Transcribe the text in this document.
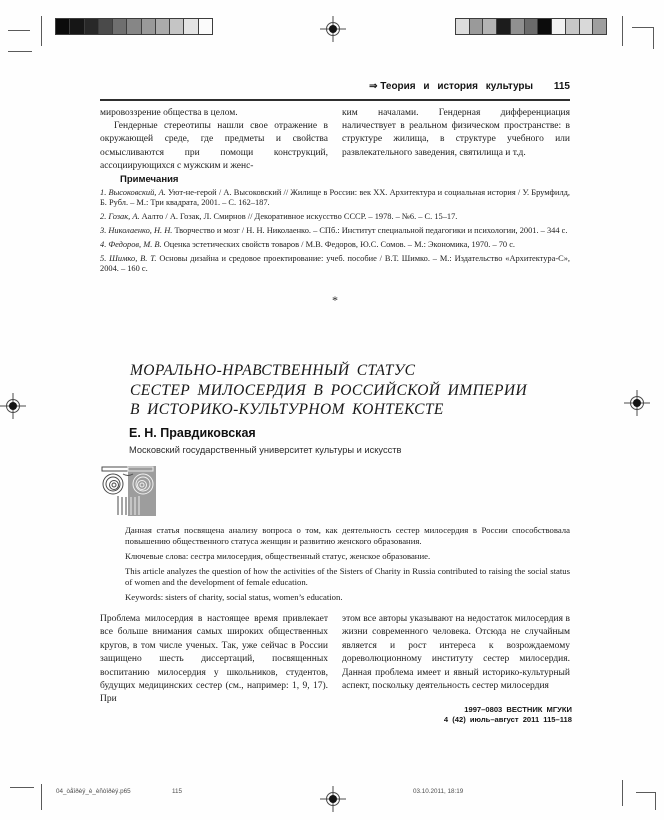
⇒ Теория и история культуры 115

мировоззрение общества в целом.

Гендерные стереотипы нашли свое отражение в окружающей среде, где предметы и свойства осмысливаются при помощи конструкций, ассоциирующихся с мужским и женс-

ким началами. Гендерная дифференциация наличествует в реальном физическом пространстве: в структуре жилища, в структуре учебного или развлекательного заведения, святилища и т.д.

Примечания

1. Высоковский, А. Уют-не-герой / А. Высоковский // Жилище в России: век XX. Архитектура и социальная история / У. Брумфилд, Б. Рубл. – М.: Три квадрата, 2001. – С. 162–187.

2. Гозак, А. Аалто / А. Гозак, Л. Смирнов // Декоративное искусство СССР. – 1978. – №6. – С. 15–17.

3. Николаенко, Н. Н. Творчество и мозг / Н. Н. Николаенко. – СПб.: Институт специальной педагогики и психологии, 2001. – 344 с.

4. Федоров, М. В. Оценка эстетических свойств товаров / М.В. Федоров, Ю.С. Сомов. – М.: Экономика, 1970. – 70 с.

5. Шимко, В. Т. Основы дизайна и средовое проектирование: учеб. пособие / В.Т. Шимко. – М.: Издательство «Архитектура-С», 2004. – 160 с.

*
МОРАЛЬНО-НРАВСТВЕННЫЙ СТАТУС
СЕСТЕР МИЛОСЕРДИЯ В РОССИЙСКОЙ ИМПЕРИИ
В ИСТОРИКО-КУЛЬТУРНОМ КОНТЕКСТЕ
Е. Н. Правдиковская
Московский государственный университет культуры и искусств

Данная статья посвящена анализу вопроса о том, как деятельность сестер милосердия в России способствовала повышению общественного статуса женщин и развитию женского образования.

Ключевые слова: сестра милосердия, общественный статус, женское образование.

This article analyzes the question of how the activities of the Sisters of Charity in Russia contributed to raising the social status of women and the development of female education.

Keywords: sisters of charity, social status, women’s education.

Проблема милосердия в настоящее время привлекает все больше внимания самых широких общественных кругов, в том числе ученых. Так, уже сейчас в России защищено шесть диссертаций, посвященных воспитанию милосердия у школьников, студентов, будущих медицинских сестер (см., например: 1, 9, 17). При

этом все авторы указывают на недостаток милосердия в жизни современного человека. Отсюда не случайным является и рост интереса к возрождаемому дореволюционному институту сестер милосердия. Данная проблема имеет и явный историко-культурный аспект, поскольку деятельность сестер милосердия

1997–0803 ВЕСТНИК МГУКИ
4 (42) июль–август 2011 115–118
04_òåîðèÿ_è_èñòîðèÿ.p65	115	03.10.2011, 18:19
